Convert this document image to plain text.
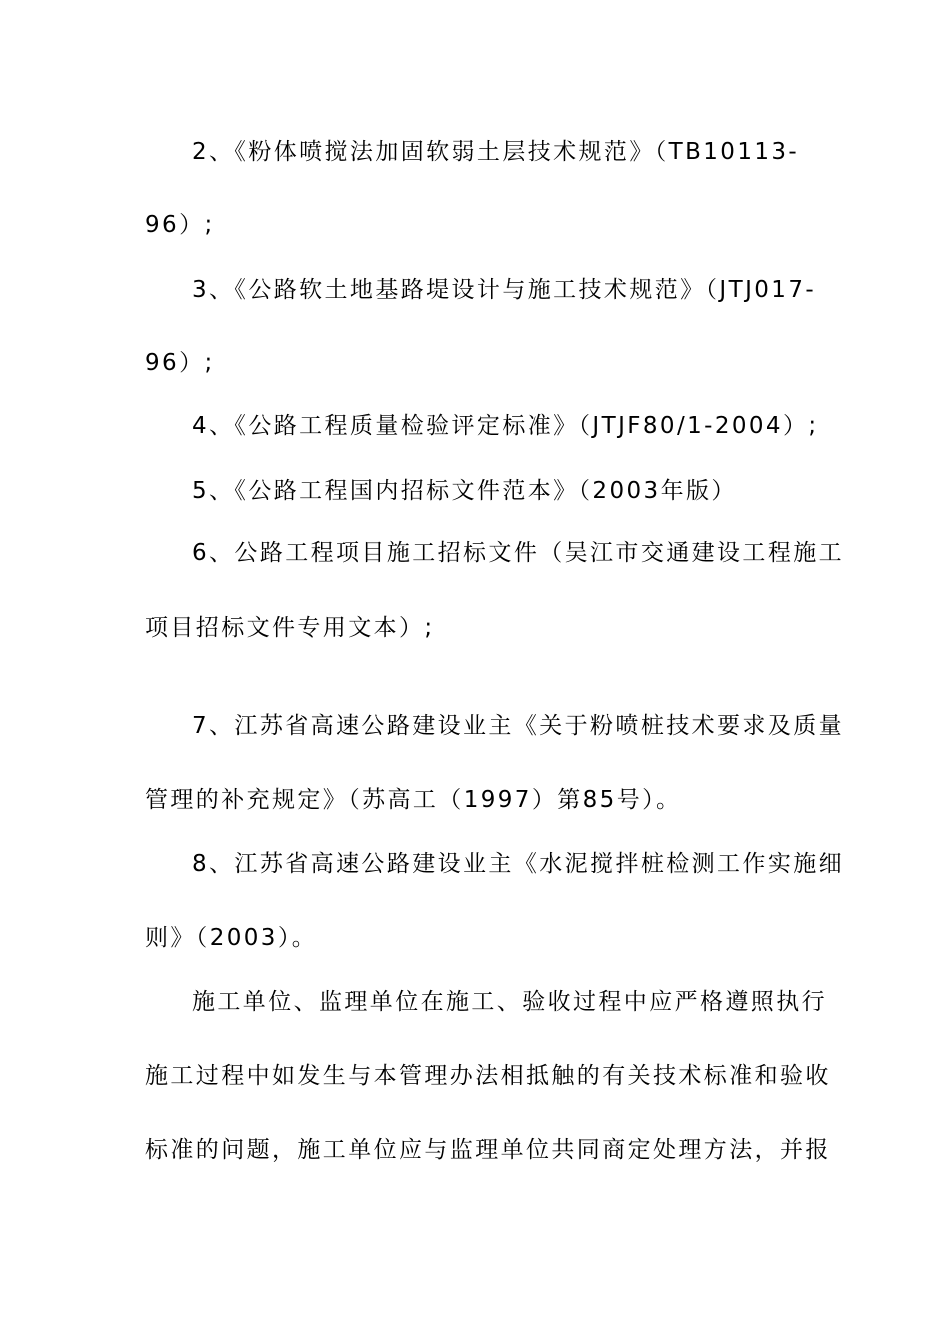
2、《粉体喷搅法加固软弱土层技术规范》（TB10113-
96）;
3、《公路软土地基路堤设计与施工技术规范》（JTJ017-
96）;
4、《公路工程质量检验评定标准》（JTJF80/1-2004）;
5、《公路工程国内招标文件范本》（2003年版）
6、公路工程项目施工招标文件（吴江市交通建设工程施工
项目招标文件专用文本）;
7、江苏省高速公路建设业主《关于粉喷桩技术要求及质量
管理的补充规定》（苏高工（1997）第85号）。
8、江苏省高速公路建设业主《水泥搅拌桩检测工作实施细
则》（2003）。
施工单位、监理单位在施工、验收过程中应严格遵照执行
施工过程中如发生与本管理办法相抵触的有关技术标准和验收
标准的问题，施工单位应与监理单位共同商定处理方法，并报
